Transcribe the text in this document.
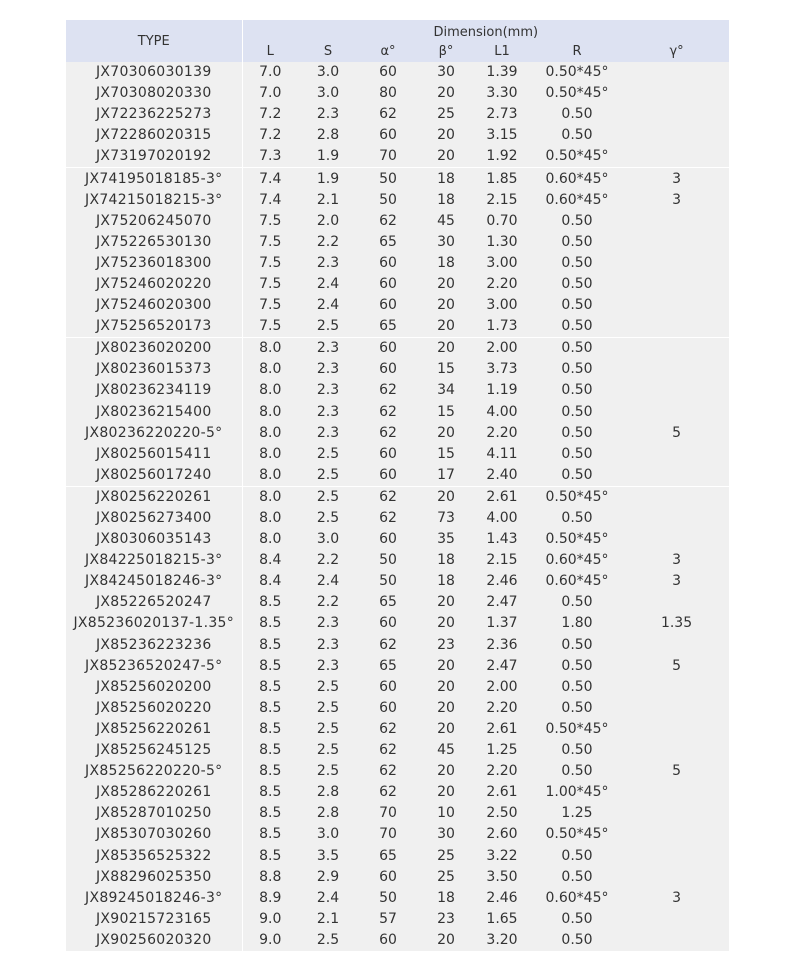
TYPE	Dimension(mm)						
	L	S	α°	β°	L1	R	γ°
JX70306030139	7.0	3.0	60	30	1.39	0.50*45°	
JX70308020330	7.0	3.0	80	20	3.30	0.50*45°	
JX72236225273	7.2	2.3	62	25	2.73	0.50	
JX72286020315	7.2	2.8	60	20	3.15	0.50	
JX73197020192	7.3	1.9	70	20	1.92	0.50*45°	
JX74195018185-3°	7.4	1.9	50	18	1.85	0.60*45°	3
JX74215018215-3°	7.4	2.1	50	18	2.15	0.60*45°	3
JX75206245070	7.5	2.0	62	45	0.70	0.50	
JX75226530130	7.5	2.2	65	30	1.30	0.50	
JX75236018300	7.5	2.3	60	18	3.00	0.50	
JX75246020220	7.5	2.4	60	20	2.20	0.50	
JX75246020300	7.5	2.4	60	20	3.00	0.50	
JX75256520173	7.5	2.5	65	20	1.73	0.50	
JX80236020200	8.0	2.3	60	20	2.00	0.50	
JX80236015373	8.0	2.3	60	15	3.73	0.50	
JX80236234119	8.0	2.3	62	34	1.19	0.50	
JX80236215400	8.0	2.3	62	15	4.00	0.50	
JX80236220220-5°	8.0	2.3	62	20	2.20	0.50	5
JX80256015411	8.0	2.5	60	15	4.11	0.50	
JX80256017240	8.0	2.5	60	17	2.40	0.50	
JX80256220261	8.0	2.5	62	20	2.61	0.50*45°	
JX80256273400	8.0	2.5	62	73	4.00	0.50	
JX80306035143	8.0	3.0	60	35	1.43	0.50*45°	
JX84225018215-3°	8.4	2.2	50	18	2.15	0.60*45°	3
JX84245018246-3°	8.4	2.4	50	18	2.46	0.60*45°	3
JX85226520247	8.5	2.2	65	20	2.47	0.50	
JX85236020137-1.35°	8.5	2.3	60	20	1.37	1.80	1.35
JX85236223236	8.5	2.3	62	23	2.36	0.50	
JX85236520247-5°	8.5	2.3	65	20	2.47	0.50	5
JX85256020200	8.5	2.5	60	20	2.00	0.50	
JX85256020220	8.5	2.5	60	20	2.20	0.50	
JX85256220261	8.5	2.5	62	20	2.61	0.50*45°	
JX85256245125	8.5	2.5	62	45	1.25	0.50	
JX85256220220-5°	8.5	2.5	62	20	2.20	0.50	5
JX85286220261	8.5	2.8	62	20	2.61	1.00*45°	
JX85287010250	8.5	2.8	70	10	2.50	1.25	
JX85307030260	8.5	3.0	70	30	2.60	0.50*45°	
JX85356525322	8.5	3.5	65	25	3.22	0.50	
JX88296025350	8.8	2.9	60	25	3.50	0.50	
JX89245018246-3°	8.9	2.4	50	18	2.46	0.60*45°	3
JX90215723165	9.0	2.1	57	23	1.65	0.50	
JX90256020320	9.0	2.5	60	20	3.20	0.50	
